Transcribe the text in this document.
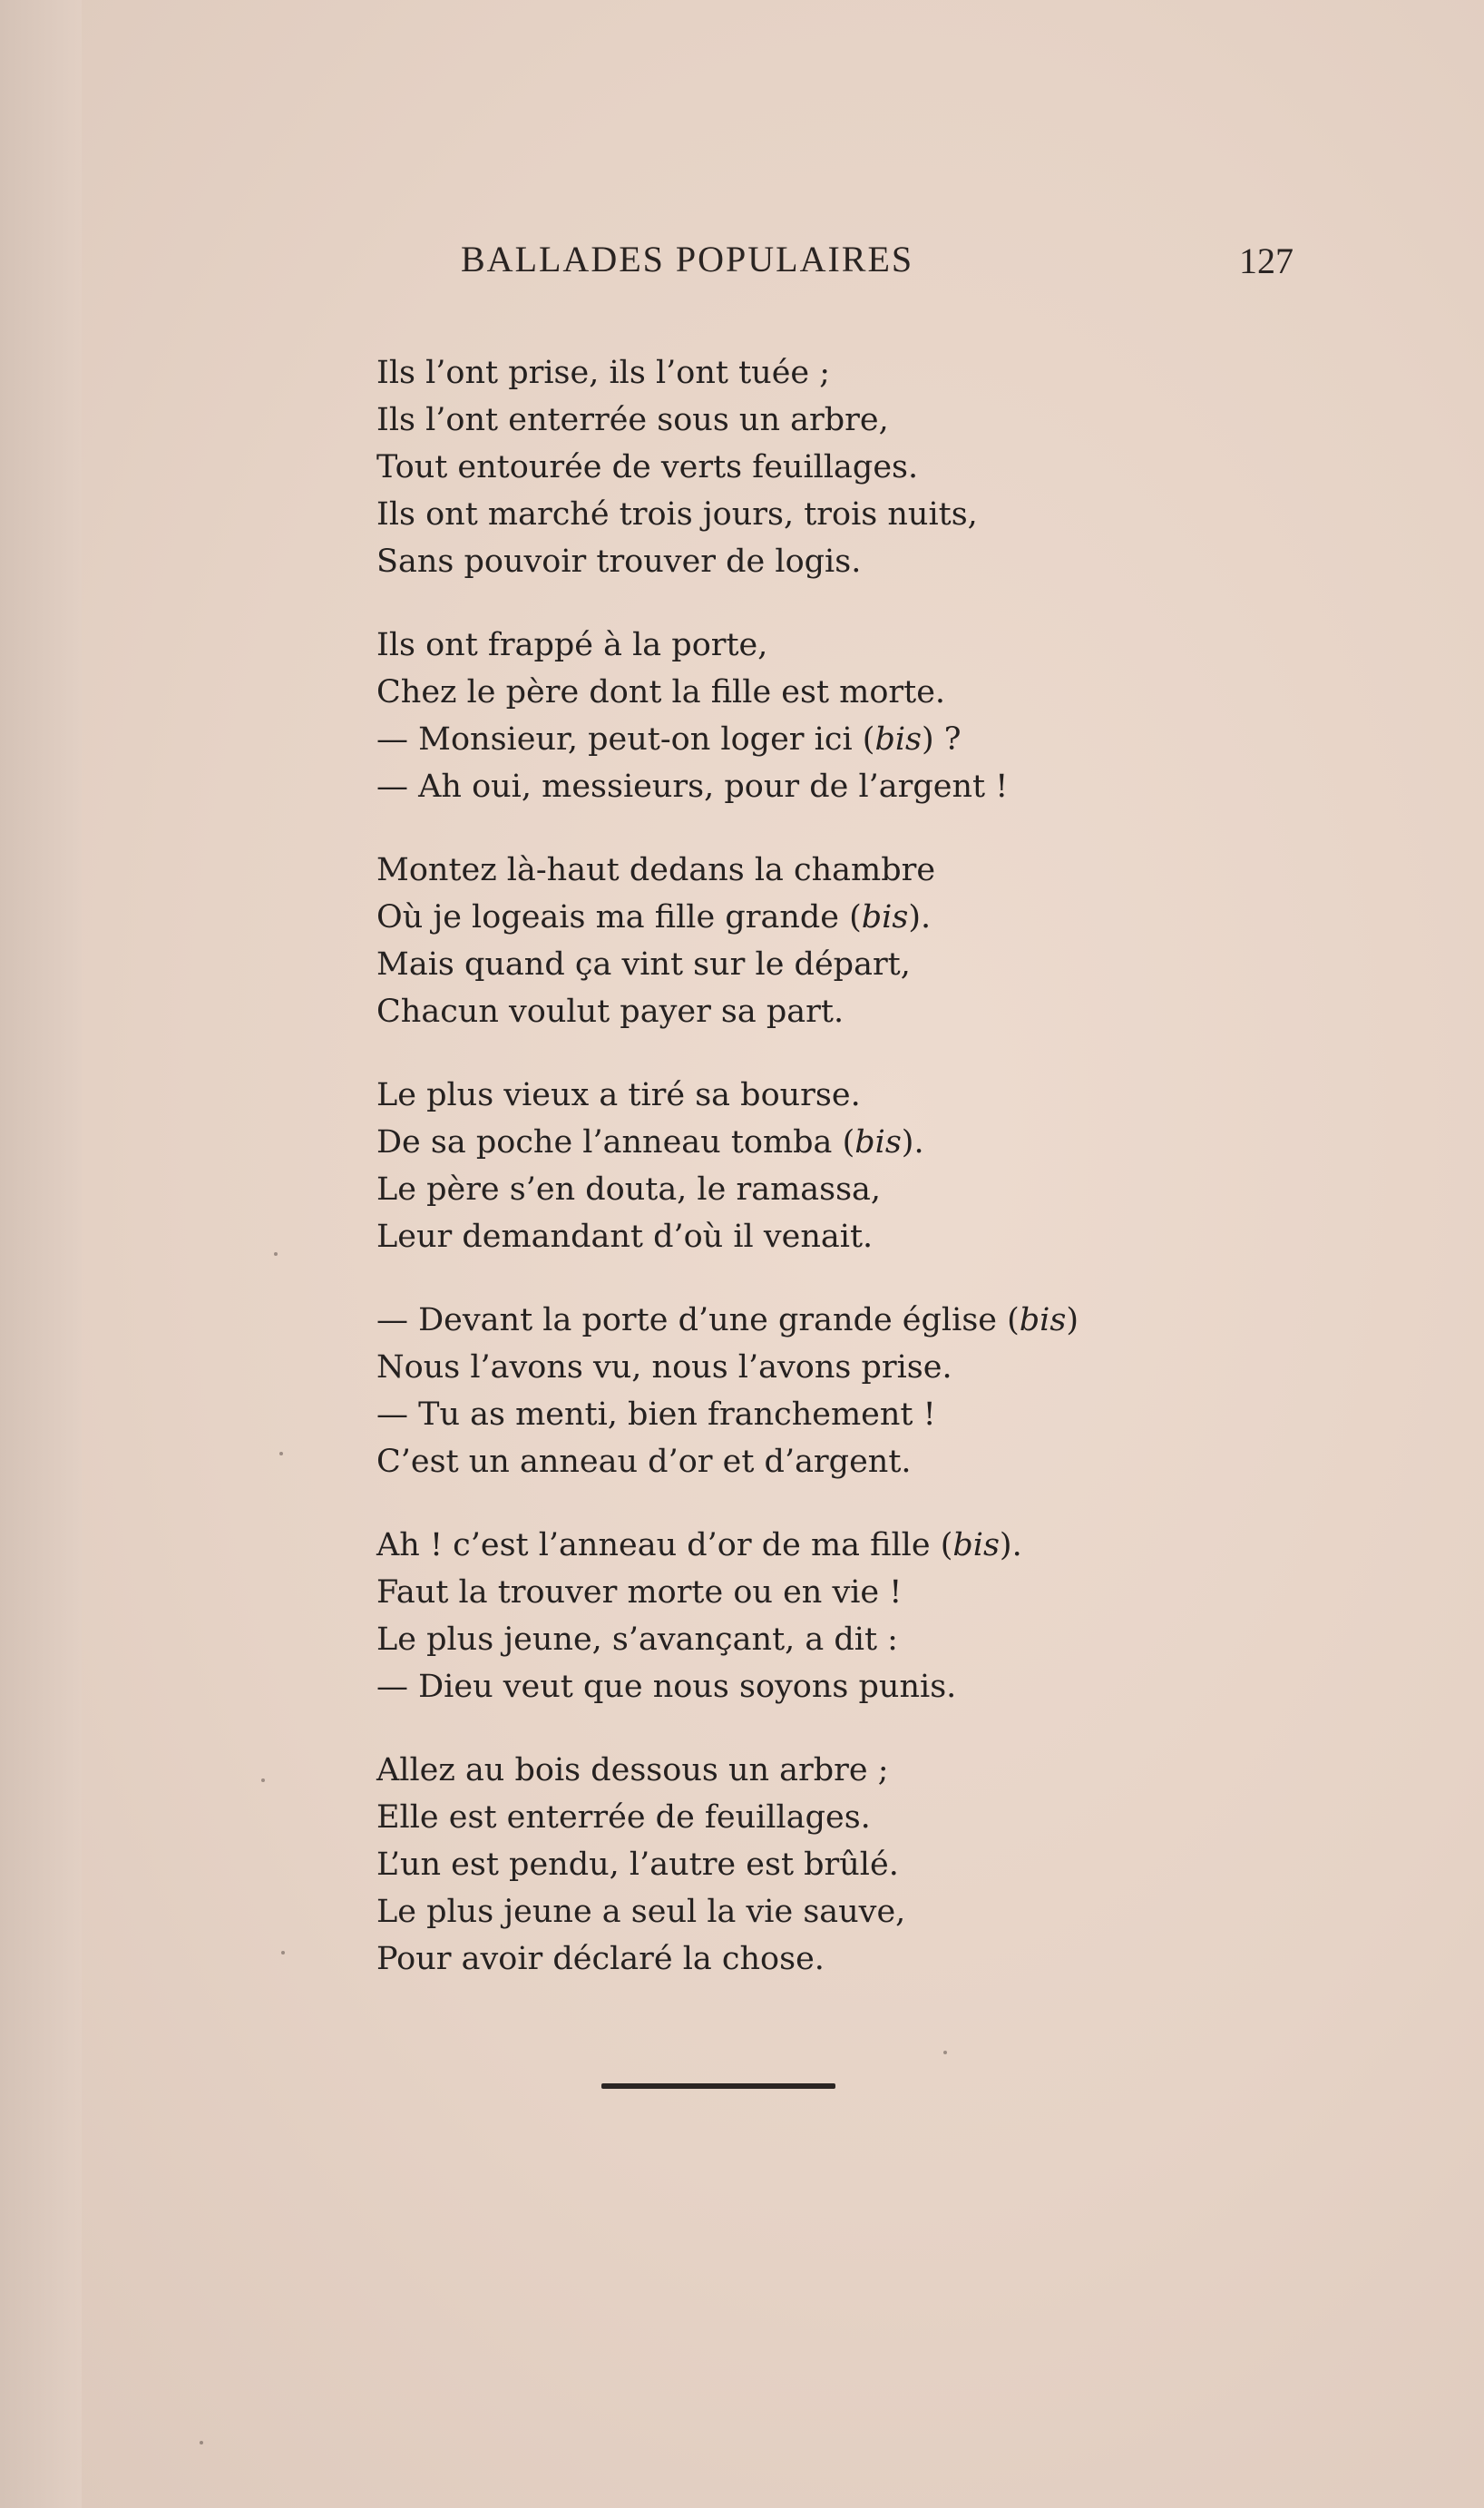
BALLADES POPULAIRES	127
Ils l’ont prise, ils l’ont tuée ;
Ils l’ont enterrée sous un arbre,
Tout entourée de verts feuillages.
Ils ont marché trois jours, trois nuits,
Sans pouvoir trouver de logis.
Ils ont frappé à la porte,
Chez le père dont la fille est morte.
— Monsieur, peut-on loger ici (bis) ?
— Ah oui, messieurs, pour de l’argent !
Montez là-haut dedans la chambre
Où je logeais ma fille grande (bis).
Mais quand ça vint sur le départ,
Chacun voulut payer sa part.
Le plus vieux a tiré sa bourse.
De sa poche l’anneau tomba (bis).
Le père s’en douta, le ramassa,
Leur demandant d’où il venait.
— Devant la porte d’une grande église (bis)
Nous l’avons vu, nous l’avons prise.
— Tu as menti, bien franchement !
C’est un anneau d’or et d’argent.
Ah ! c’est l’anneau d’or de ma fille (bis).
Faut la trouver morte ou en vie !
Le plus jeune, s’avançant, a dit :
— Dieu veut que nous soyons punis.
Allez au bois dessous un arbre ;
Elle est enterrée de feuillages.
L’un est pendu, l’autre est brûlé.
Le plus jeune a seul la vie sauve,
Pour avoir déclaré la chose.
